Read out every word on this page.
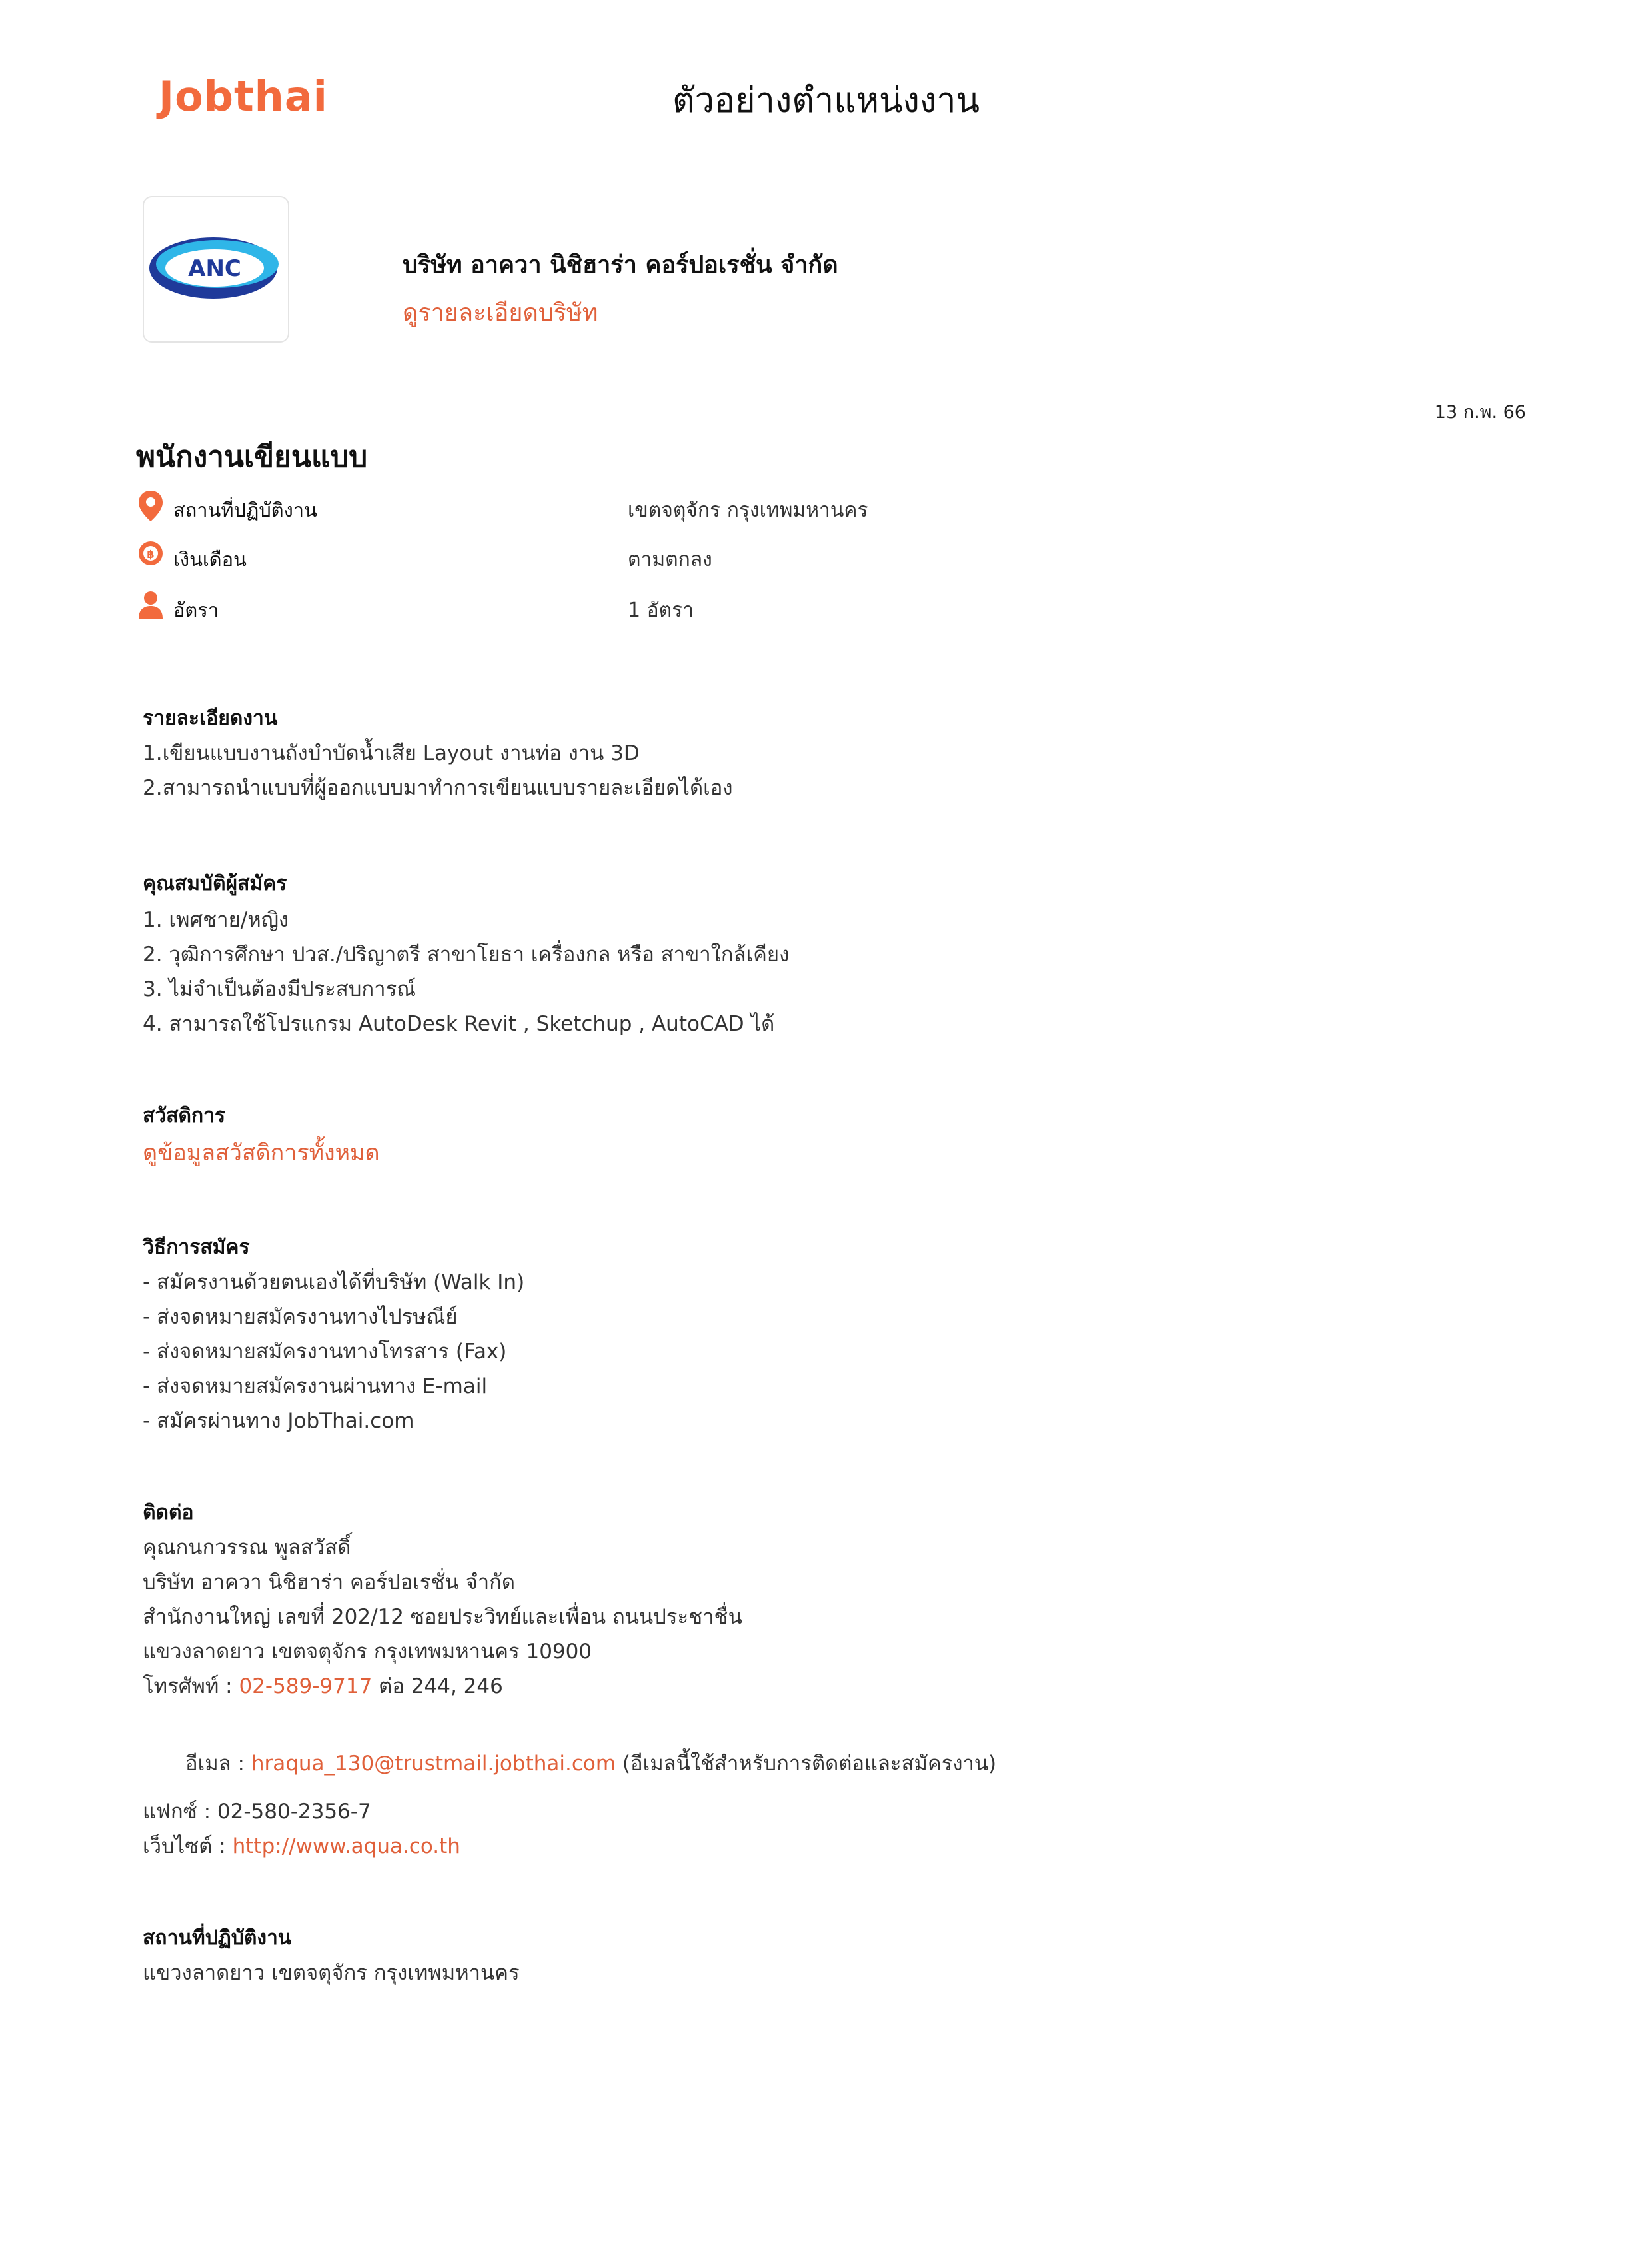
Jobthai	ตัวอย่างตำแหน่งงาน
ANC	บริษัท อาควา นิชิฮาร่า คอร์ปอเรชั่น จำกัด
ดูรายละเอียดบริษัท
13 ก.พ. 66
พนักงานเขียนแบบ
สถานที่ปฏิบัติงาน	เขตจตุจักร กรุงเทพมหานคร
฿ เงินเดือน	ตามตกลง
อัตรา	1 อัตรา
รายละเอียดงาน
1.เขียนแบบงานถังบำบัดน้ำเสีย Layout งานท่อ งาน 3D
2.สามารถนำแบบที่ผู้ออกแบบมาทำการเขียนแบบรายละเอียดได้เอง
คุณสมบัติผู้สมัคร
1. เพศชาย/หญิง
2. วุฒิการศึกษา ปวส./ปริญาตรี สาขาโยธา เครื่องกล หรือ สาขาใกล้เคียง
3. ไม่จำเป็นต้องมีประสบการณ์
4. สามารถใช้โปรแกรม AutoDesk Revit , Sketchup , AutoCAD ได้
สวัสดิการ
ดูข้อมูลสวัสดิการทั้งหมด
วิธีการสมัคร
- สมัครงานด้วยตนเองได้ที่บริษัท (Walk In)
- ส่งจดหมายสมัครงานทางไปรษณีย์
- ส่งจดหมายสมัครงานทางโทรสาร (Fax)
- ส่งจดหมายสมัครงานผ่านทาง E-mail
- สมัครผ่านทาง JobThai.com
ติดต่อ
คุณกนกวรรณ พูลสวัสดิ์
บริษัท อาควา นิชิฮาร่า คอร์ปอเรชั่น จำกัด
สำนักงานใหญ่ เลขที่ 202/12 ซอยประวิทย์และเพื่อน ถนนประชาชื่น
แขวงลาดยาว เขตจตุจักร กรุงเทพมหานคร 10900
โทรศัพท์ : 02-589-9717 ต่อ 244, 246
อีเมล : hraqua_130@trustmail.jobthai.com (อีเมลนี้ใช้สำหรับการติดต่อและสมัครงาน)
แฟกซ์ : 02-580-2356-7
เว็บไซต์ : http://www.aqua.co.th
สถานที่ปฏิบัติงาน
แขวงลาดยาว เขตจตุจักร กรุงเทพมหานคร
